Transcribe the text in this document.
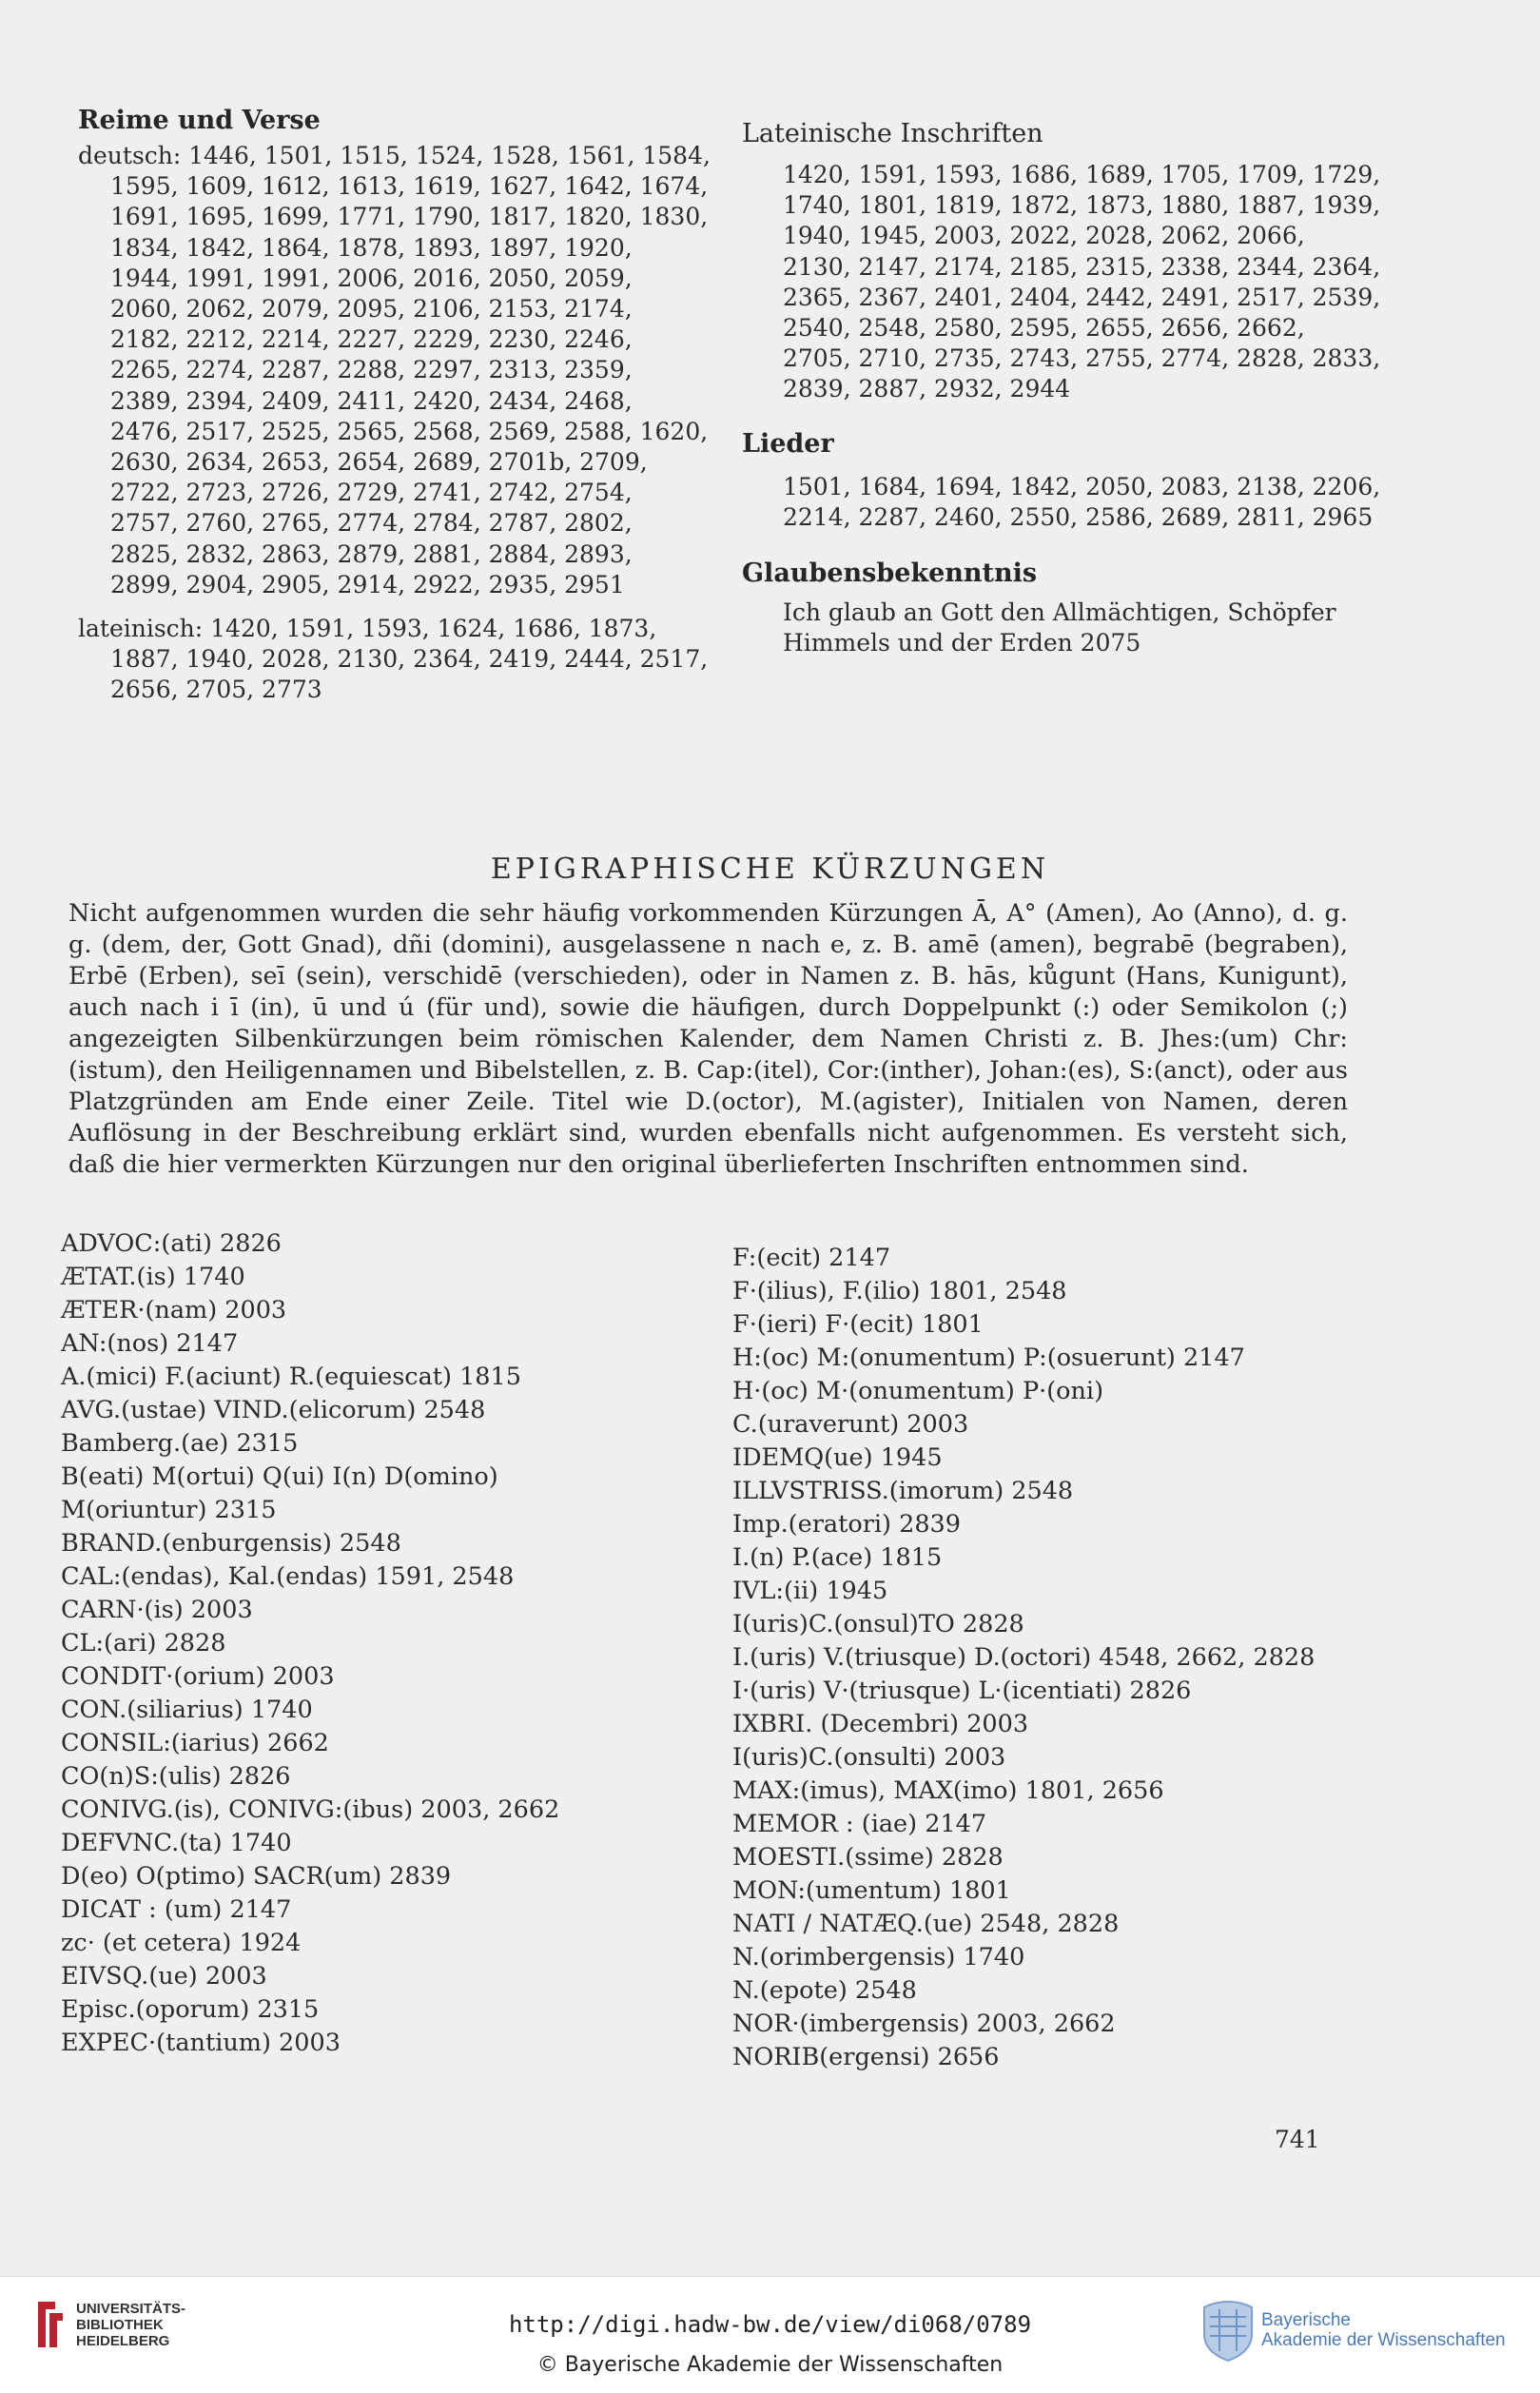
Reime und Verse
deutsch: 1446, 1501, 1515, 1524, 1528, 1561, 1584,
1595, 1609, 1612, 1613, 1619, 1627, 1642, 1674,
1691, 1695, 1699, 1771, 1790, 1817, 1820, 1830,
1834, 1842, 1864, 1878, 1893, 1897, 1920,
1944, 1991, 1991, 2006, 2016, 2050, 2059,
2060, 2062, 2079, 2095, 2106, 2153, 2174,
2182, 2212, 2214, 2227, 2229, 2230, 2246,
2265, 2274, 2287, 2288, 2297, 2313, 2359,
2389, 2394, 2409, 2411, 2420, 2434, 2468,
2476, 2517, 2525, 2565, 2568, 2569, 2588, 1620,
2630, 2634, 2653, 2654, 2689, 2701b, 2709,
2722, 2723, 2726, 2729, 2741, 2742, 2754,
2757, 2760, 2765, 2774, 2784, 2787, 2802,
2825, 2832, 2863, 2879, 2881, 2884, 2893,
2899, 2904, 2905, 2914, 2922, 2935, 2951
lateinisch: 1420, 1591, 1593, 1624, 1686, 1873,
1887, 1940, 2028, 2130, 2364, 2419, 2444, 2517,
2656, 2705, 2773
Lateinische Inschriften
1420, 1591, 1593, 1686, 1689, 1705, 1709, 1729,
1740, 1801, 1819, 1872, 1873, 1880, 1887, 1939,
1940, 1945, 2003, 2022, 2028, 2062, 2066,
2130, 2147, 2174, 2185, 2315, 2338, 2344, 2364,
2365, 2367, 2401, 2404, 2442, 2491, 2517, 2539,
2540, 2548, 2580, 2595, 2655, 2656, 2662,
2705, 2710, 2735, 2743, 2755, 2774, 2828, 2833,
2839, 2887, 2932, 2944
Lieder
1501, 1684, 1694, 1842, 2050, 2083, 2138, 2206,
2214, 2287, 2460, 2550, 2586, 2689, 2811, 2965
Glaubensbekenntnis
Ich glaub an Gott den Allmächtigen, Schöpfer
Himmels und der Erden 2075
EPIGRAPHISCHE KÜRZUNGEN

Nicht aufgenommen wurden die sehr häufig vorkommenden Kürzungen Ā, A° (Amen), Ao (Anno), d. g. g. (dem, der, Gott Gnad), dñi (domini), ausgelassene n nach e, z. B. amē (amen), begrabē (begraben), Erbē (Erben), seī (sein), verschidē (verschieden), oder in Namen z. B. hās, kůgunt (Hans, Kunigunt), auch nach i ī (in), ū und ú (für und), sowie die häufigen, durch Doppelpunkt (:) oder Semikolon (;) angezeigten Silbenkürzungen beim römischen Kalender, dem Namen Christi z. B. Jhes:(um) Chr:(istum), den Heiligennamen und Bibelstellen, z. B. Cap:(itel), Cor:(inther), Johan:(es), S:(anct), oder aus Platzgründen am Ende einer Zeile. Titel wie D.(octor), M.(agister), Initialen von Namen, deren Auflösung in der Beschreibung erklärt sind, wurden ebenfalls nicht aufgenommen. Es versteht sich, daß die hier vermerkten Kürzungen nur den original überlieferten Inschriften entnommen sind.

ADVOC:(ati) 2826
ÆTAT.(is) 1740
ÆTER·(nam) 2003
AN:(nos) 2147
A.(mici) F.(aciunt) R.(equiescat) 1815
AVG.(ustae) VIND.(elicorum) 2548
Bamberg.(ae) 2315
B(eati) M(ortui) Q(ui) I(n) D(omino)
M(oriuntur) 2315
BRAND.(enburgensis) 2548
CAL:(endas), Kal.(endas) 1591, 2548
CARN·(is) 2003
CL:(ari) 2828
CONDIT·(orium) 2003
CON.(siliarius) 1740
CONSIL:(iarius) 2662
CO(n)S:(ulis) 2826
CONIVG.(is), CONIVG:(ibus) 2003, 2662
DEFVNC.(ta) 1740
D(eo) O(ptimo) SACR(um) 2839
DICAT : (um) 2147
zc· (et cetera) 1924
EIVSQ.(ue) 2003
Episc.(oporum) 2315
EXPEC·(tantium) 2003
F:(ecit) 2147
F·(ilius), F.(ilio) 1801, 2548
F·(ieri) F·(ecit) 1801
H:(oc) M:(onumentum) P:(osuerunt) 2147
H·(oc) M·(onumentum) P·(oni)
C.(uraverunt) 2003
IDEMQ(ue) 1945
ILLVSTRISS.(imorum) 2548
Imp.(eratori) 2839
I.(n) P.(ace) 1815
IVL:(ii) 1945
I(uris)C.(onsul)TO 2828
I.(uris) V.(triusque) D.(octori) 4548, 2662, 2828
I·(uris) V·(triusque) L·(icentiati) 2826
IXBRI. (Decembri) 2003
I(uris)C.(onsulti) 2003
MAX:(imus), MAX(imo) 1801, 2656
MEMOR : (iae) 2147
MOESTI.(ssime) 2828
MON:(umentum) 1801
NATI / NATÆQ.(ue) 2548, 2828
N.(orimbergensis) 1740
N.(epote) 2548
NOR·(imbergensis) 2003, 2662
NORIB(ergensi) 2656
741
UNIVERSITÄTS-
BIBLIOTHEK
HEIDELBERG
http://digi.hadw-bw.de/view/di068/0789
© Bayerische Akademie der Wissenschaften
Bayerische
Akademie der Wissenschaften
